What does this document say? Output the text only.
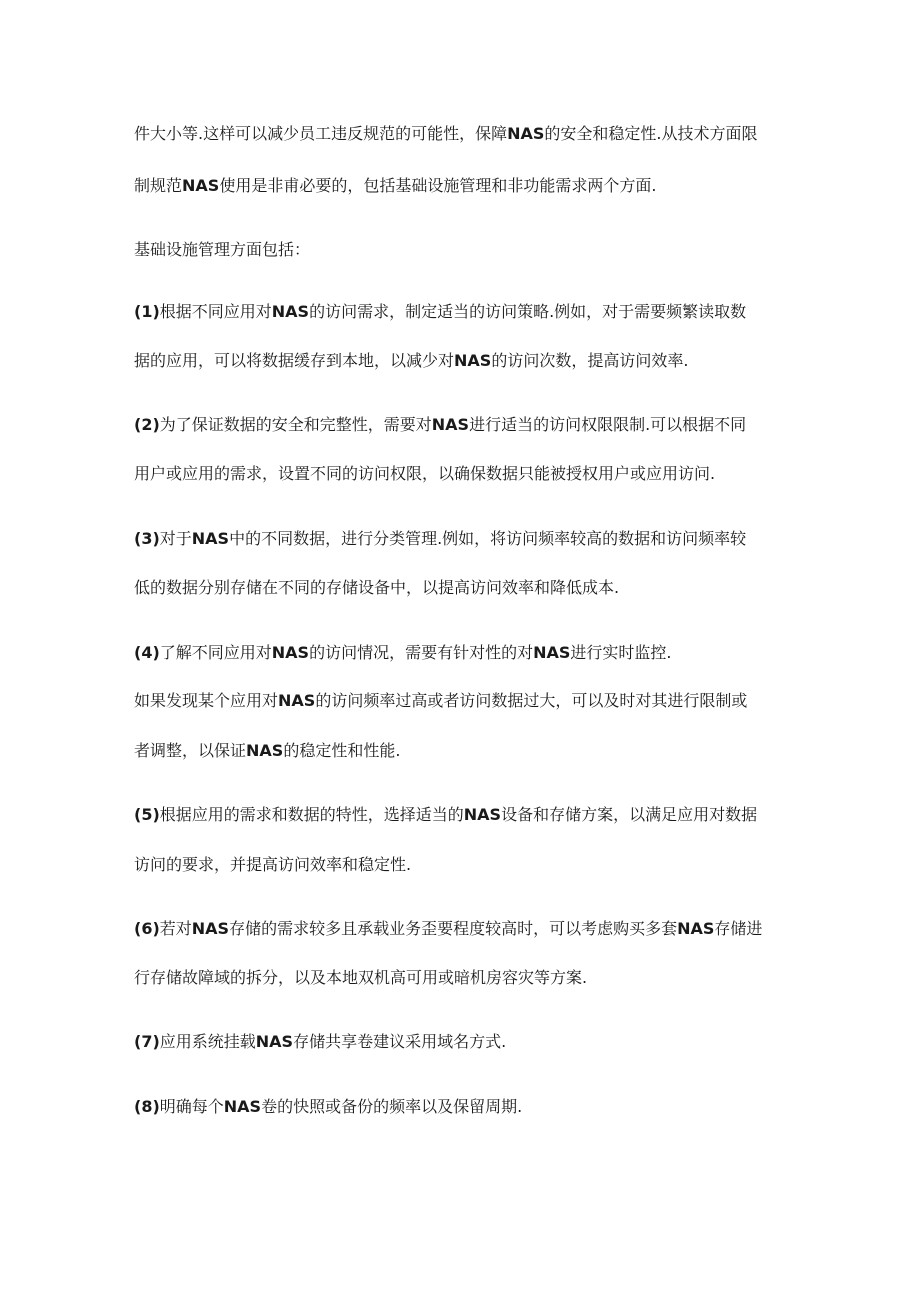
件大小等.这样可以减少员工违反规范的可能性，保障NAS的安全和稳定性.从技术方面限
制规范NAS使用是非甫必要的，包括基础设施管理和非功能需求两个方面.
基础设施管理方面包括：
(1)根据不同应用对NAS的访问需求，制定适当的访问策略.例如，对于需要频繁读取数
据的应用，可以将数据缓存到本地，以减少对NAS的访问次数，提高访问效率.
(2)为了保证数据的安全和完整性，需要对NAS进行适当的访问权限限制.可以根据不同
用户或应用的需求，设置不同的访问权限，以确保数据只能被授权用户或应用访问.
(3)对于NAS中的不同数据，进行分类管理.例如，将访问频率较高的数据和访问频率较
低的数据分别存储在不同的存储设备中，以提高访问效率和降低成本.
(4)了解不同应用对NAS的访问情况，需要有针对性的对NAS进行实时监控.
如果发现某个应用对NAS的访问频率过高或者访问数据过大，可以及时对其进行限制或
者调整，以保证NAS的稳定性和性能.
(5)根据应用的需求和数据的特性，选择适当的NAS设备和存储方案，以满足应用对数据
访问的要求，并提高访问效率和稳定性.
(6)若对NAS存储的需求较多且承载业务歪要程度较高时，可以考虑购买多套NAS存储进
行存储故障域的拆分，以及本地双机高可用或暗机房容灾等方案.
(7)应用系统挂载NAS存储共享卷建议采用域名方式.
(8)明确每个NAS卷的快照或备份的频率以及保留周期.
